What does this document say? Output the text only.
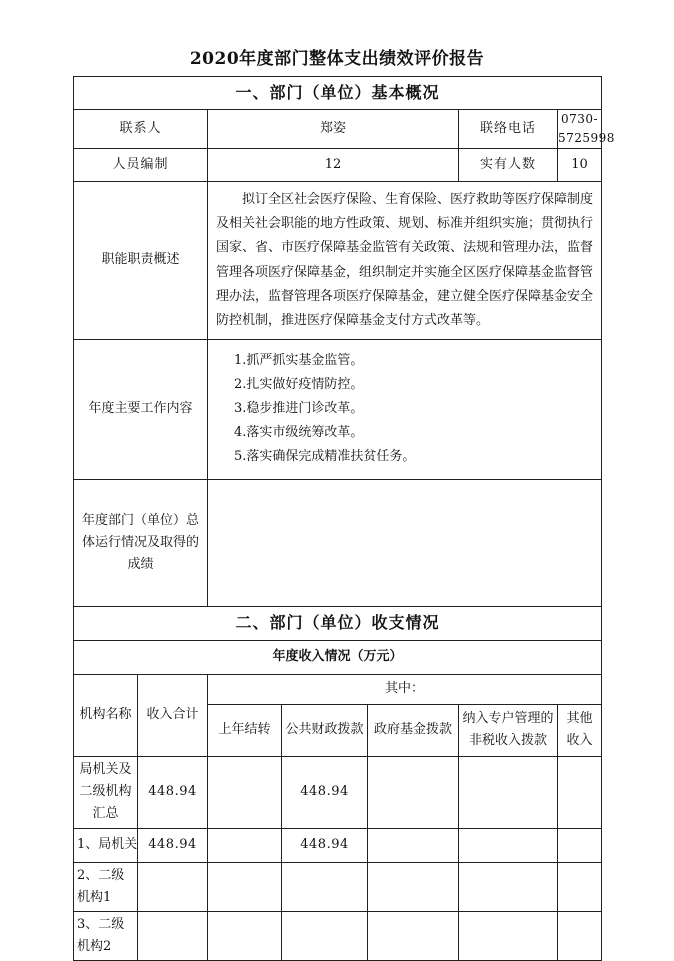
2020年度部门整体支出绩效评价报告
一、部门（单位）基本概况						
联系人		郑姿			联络电话	0730-5725998
人员编制		12			实有人数	10
职能职责概述		拟订全区社会医疗保险、生育保险、医疗救助等医疗保障制度及相关社会职能的地方性政策、规划、标准并组织实施；贯彻执行国家、省、市医疗保障基金监管有关政策、法规和管理办法，监督管理各项医疗保障基金，组织制定并实施全区医疗保障基金监督管理办法，监督管理各项医疗保障基金，建立健全医疗保障基金安全防控机制，推进医疗保障基金支付方式改革等。				
年度主要工作内容		1.抓严抓实基金监管。
2.扎实做好疫情防控。
3.稳步推进门诊改革。
4.落实市级统筹改革。
5.落实确保完成精准扶贫任务。				

年度部门（单位）总体运行情况及取得的成绩						
二、部门（单位）收支情况						
年度收入情况（万元）						
机构名称	收入合计	其中：				
		上年结转	公共财政拨款	政府基金拨款	纳入专户管理的非税收入拨款	其他收入
局机关及二级机构汇总	448.94		448.94			
1、局机关	448.94		448.94			
2、二级机构1						
3、二级机构2						
